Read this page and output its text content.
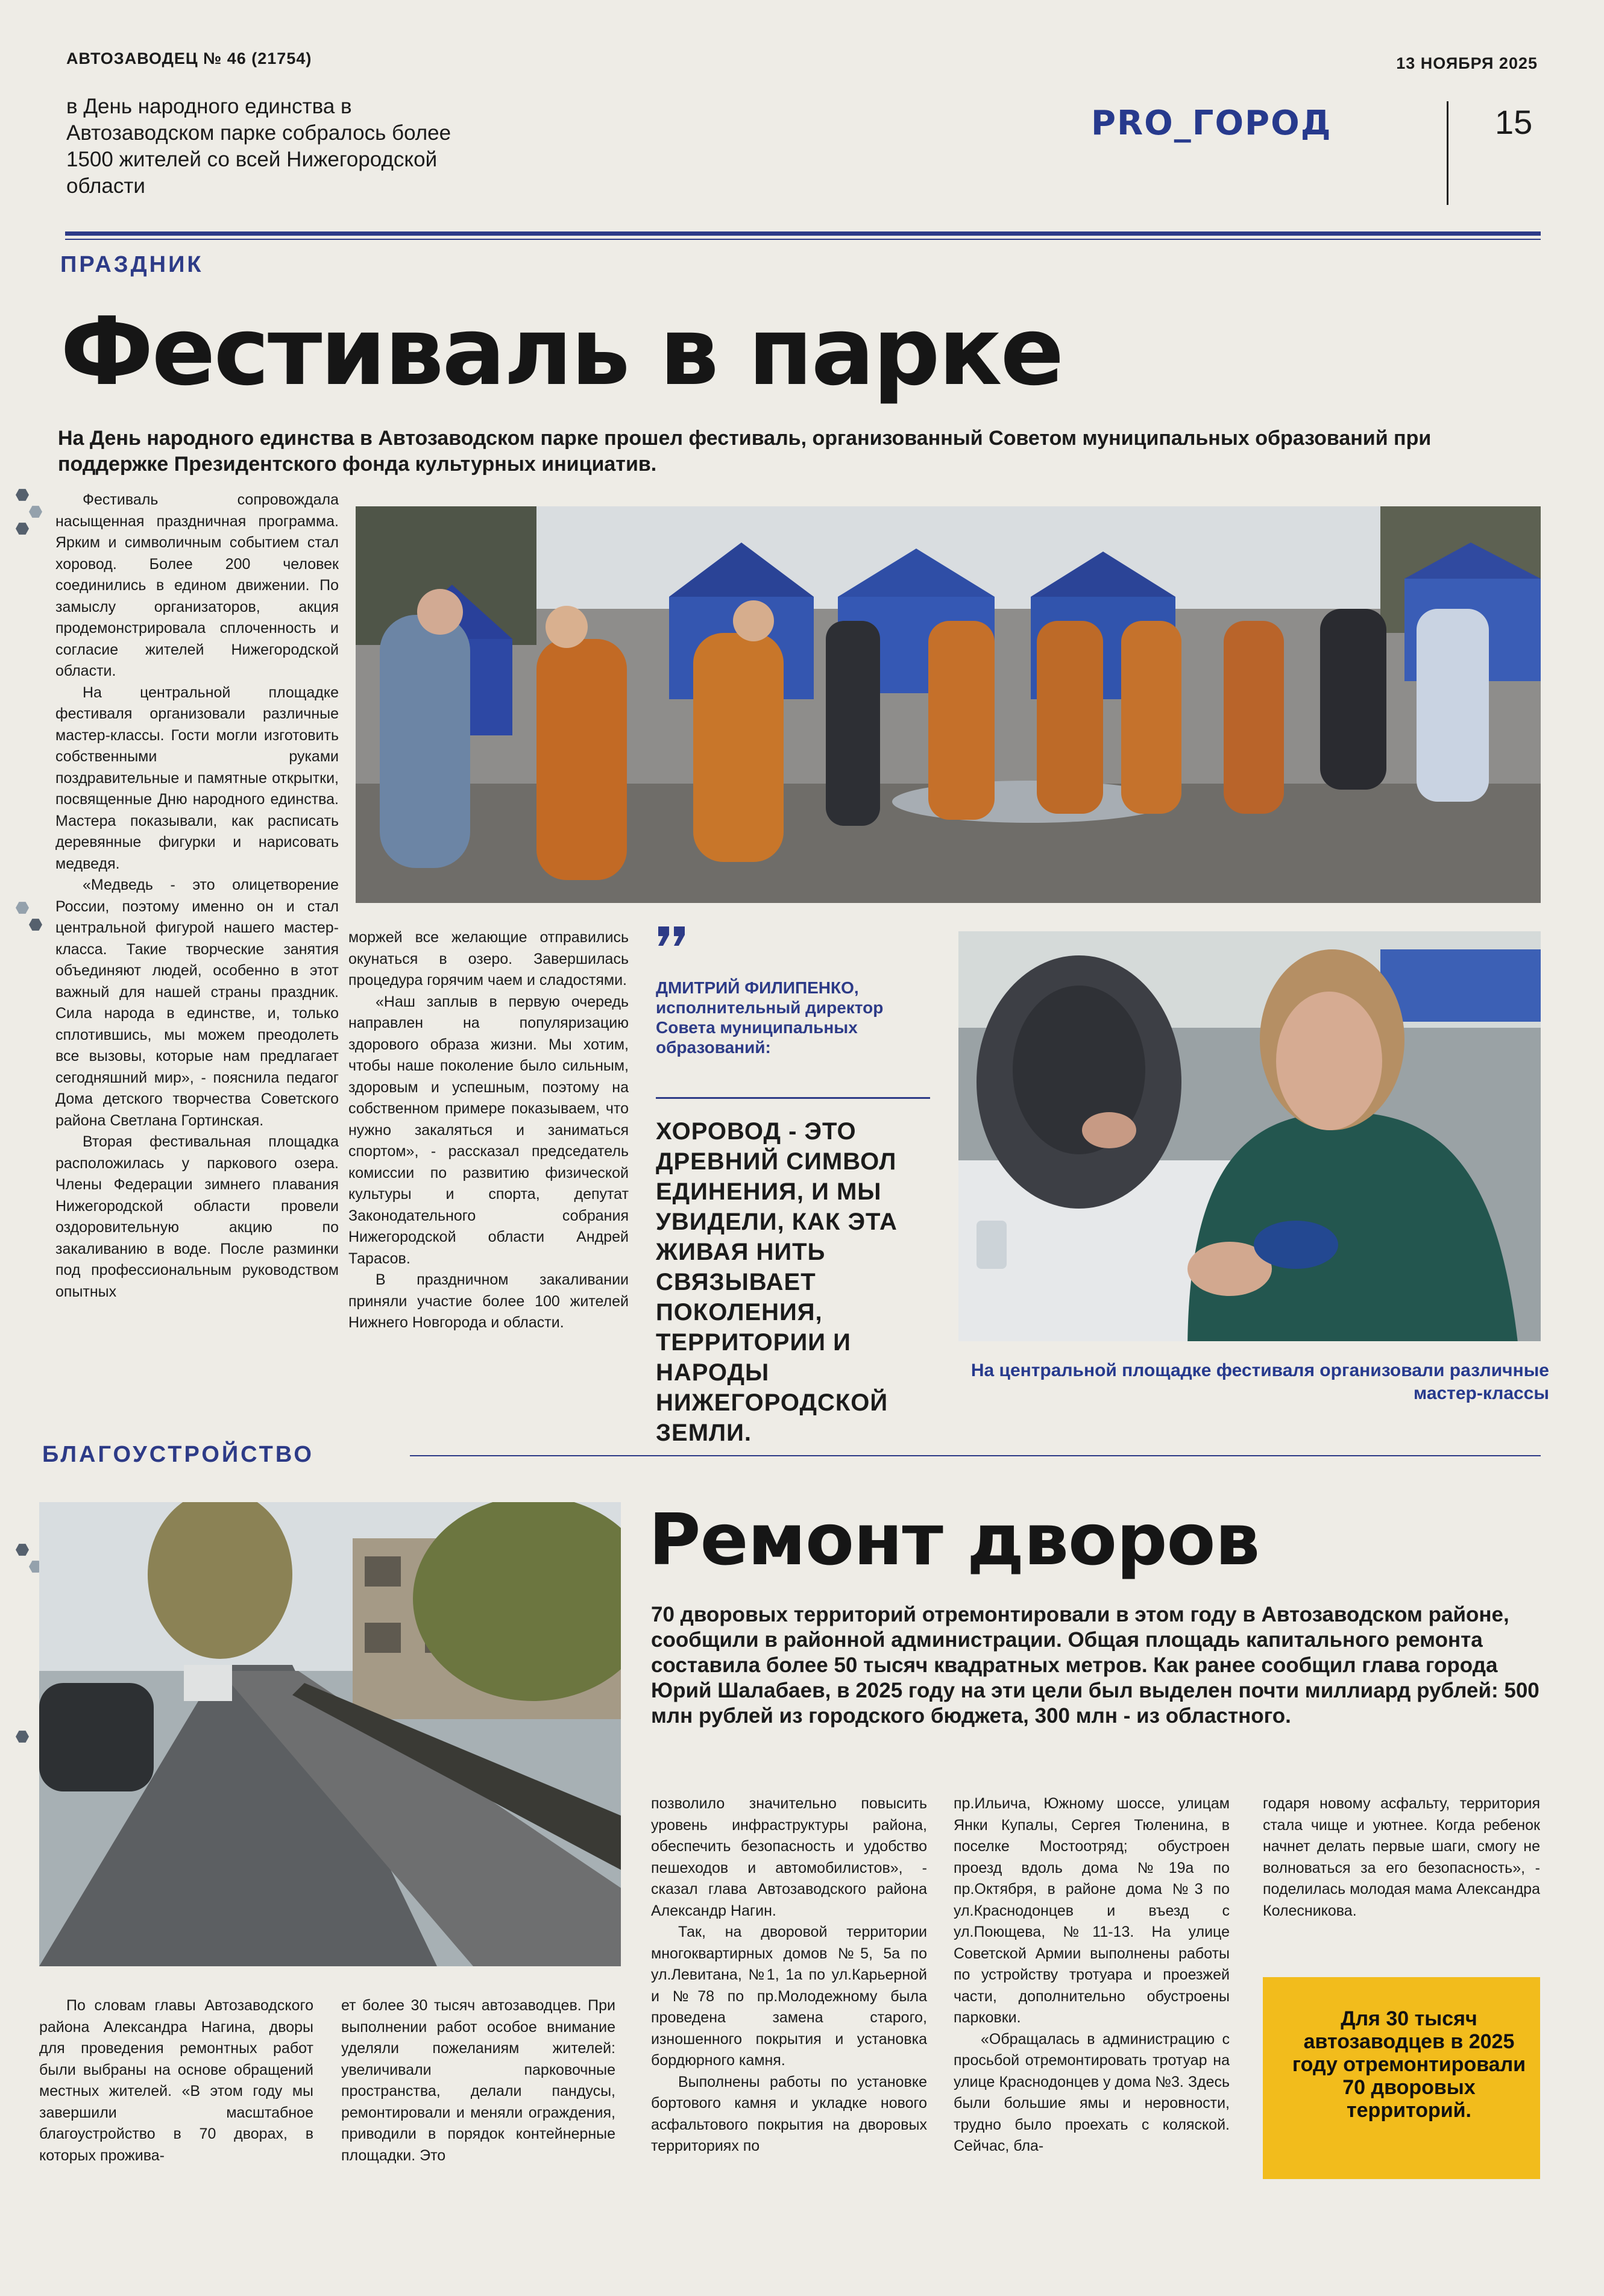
АВТОЗАВОДЕЦ № 46 (21754)	13 НОЯБРЯ 2025
в День народного единства в Автозаводском парке собралось более 1500 жителей со всей Нижегородской области
PRO_ГОРОД	15
ПРАЗДНИК
Фестиваль в парке
На День народного единства в Автозаводском парке прошел фестиваль, организованный Советом муниципальных образований при поддержке Президентского фонда культурных инициатив.

Фестиваль сопровождала насыщенная праздничная программа. Ярким и символичным событием стал хоровод. Более 200 человек соединились в едином движении. По замыслу организаторов, акция продемонстрировала сплоченность и согласие жителей Нижегородской области.

На центральной площадке фестиваля организовали различные мастер-классы. Гости могли изготовить собственными руками поздравительные и памятные открытки, посвященные Дню народного единства. Мастера показывали, как расписать деревянные фигурки и нарисовать медведя.

«Медведь - это олицетворение России, поэтому именно он и стал центральной фигурой нашего мастер-класса. Такие творческие занятия объединяют людей, особенно в этот важный для нашей страны праздник. Сила народа в единстве, и, только сплотившись, мы можем преодолеть все вызовы, которые нам предлагает сегодняшний мир», - пояснила педагог Дома детского творчества Советского района Светлана Гортинская.

Вторая фестивальная площадка расположилась у паркового озера. Члены Федерации зимнего плавания Нижегородской области провели оздоровительную акцию по закаливанию в воде. После разминки под профессиональным руководством опытных

моржей все желающие отправились окунаться в озеро. Завершилась процедура горячим чаем и сладостями.

«Наш заплыв в первую очередь направлен на популяризацию здорового образа жизни. Мы хотим, чтобы наше поколение было сильным, здоровым и успешным, поэтому на собственном примере показываем, что нужно закаляться и заниматься спортом», - рассказал председатель комиссии по развитию физической культуры и спорта, депутат Законодательного собрания Нижегородской области Андрей Тарасов.

В праздничном закаливании приняли участие более 100 жителей Нижнего Новгорода и области.

ДМИТРИЙ ФИЛИПЕНКО,
исполнительный директор Совета муниципальных образований:
ХОРОВОД - ЭТО ДРЕВНИЙ СИМВОЛ ЕДИНЕНИЯ, И МЫ УВИДЕЛИ, КАК ЭТА ЖИВАЯ НИТЬ СВЯЗЫВАЕТ ПОКОЛЕНИЯ, ТЕРРИТОРИИ И НАРОДЫ НИЖЕГОРОДСКОЙ ЗЕМЛИ.
На центральной площадке фестиваля организовали различные мастер-классы
БЛАГОУСТРОЙСТВО
Ремонт дворов
70 дворовых территорий отремонтировали в этом году в Автозаводском районе, сообщили в районной администрации. Общая площадь капитального ремонта составила более 50 тысяч квадратных метров. Как ранее сообщил глава города Юрий Шалабаев, в 2025 году на эти цели был выделен почти миллиард рублей: 500 млн рублей из городского бюджета, 300 млн - из областного.

По словам главы Автозаводского района Александра Нагина, дворы для проведения ремонтных работ были выбраны на основе обращений местных жителей. «В этом году мы завершили масштабное благоустройство в 70 дворах, в которых прожива-

ет более 30 тысяч автозаводцев. При выполнении работ особое внимание уделяли пожеланиям жителей: увеличивали парковочные пространства, делали пандусы, ремонтировали и меняли ограждения, приводили в порядок контейнерные площадки. Это

позволило значительно повысить уровень инфраструктуры района, обеспечить безопасность и удобство пешеходов и автомобилистов», - сказал глава Автозаводского района Александр Нагин.

Так, на дворовой территории многоквартирных домов №5, 5а по ул.Левитана, №1, 1а по ул.Карьерной и №78 по пр.Молодежному была проведена замена старого, изношенного покрытия и установка бордюрного камня.

Выполнены работы по установке бортового камня и укладке нового асфальтового покрытия на дворовых территориях по

пр.Ильича, Южному шоссе, улицам Янки Купалы, Сергея Тюленина, в поселке Мостоотряд; обустроен проезд вдоль дома №19а по пр.Октября, в районе дома №3 по ул.Краснодонцев и въезд с ул.Поющева, №11-13. На улице Советской Армии выполнены работы по устройству тротуара и проезжей части, дополнительно обустроены парковки.

«Обращалась в администрацию с просьбой отремонтировать тротуар на улице Краснодонцев у дома №3. Здесь были большие ямы и неровности, трудно было проехать с коляской. Сейчас, бла-

годаря новому асфальту, территория стала чище и уютнее. Когда ребенок начнет делать первые шаги, смогу не волноваться за его безопасность», - поделилась молодая мама Александра Колесникова.

Для 30 тысяч автозаводцев в 2025 году отремонтировали 70 дворовых территорий.
